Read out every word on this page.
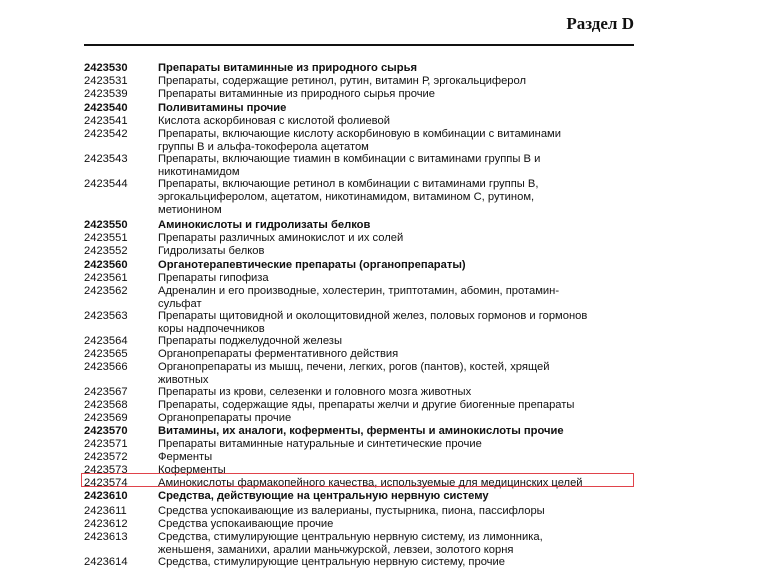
Раздел D
2423530	Препараты витаминные из природного сырья
2423531	Препараты, содержащие ретинол, рутин, витамин Р, эргокальциферол
2423539	Препараты витаминные из природного сырья прочие
2423540	Поливитамины прочие
2423541	Кислота аскорбиновая с кислотой фолиевой
2423542	Препараты, включающие кислоту аскорбиновую в комбинации с витаминами
группы В и альфа-токоферола ацетатом
2423543	Препараты, включающие тиамин в комбинации с витаминами группы В и
никотинамидом
2423544	Препараты, включающие ретинол в комбинации с витаминами группы В,
эргокальциферолом, ацетатом, никотинамидом, витамином С, рутином,
метионином
2423550	Аминокислоты и гидролизаты белков
2423551	Препараты различных аминокислот и их солей
2423552	Гидролизаты белков
2423560	Органотерапевтические препараты (органопрепараты)
2423561	Препараты гипофиза
2423562	Адреналин и его производные, холестерин, триптотамин, абомин, протамин-
сульфат
2423563	Препараты щитовидной и околощитовидной желез, половых гормонов и гормонов
коры надпочечников
2423564	Препараты поджелудочной железы
2423565	Органопрепараты ферментативного действия
2423566	Органопрепараты из мышц, печени, легких, рогов (пантов), костей, хрящей
животных
2423567	Препараты из крови, селезенки и головного мозга животных
2423568	Препараты, содержащие яды, препараты желчи и другие биогенные препараты
2423569	Органопрепараты прочие
2423570	Витамины, их аналоги, коферменты, ферменты и аминокислоты прочие
2423571	Препараты витаминные натуральные и синтетические прочие
2423572	Ферменты
2423573	Коферменты
2423574	Аминокислоты фармакопейного качества, используемые для медицинских целей
2423610	Средства, действующие на центральную нервную систему
2423611	Средства успокаивающие из валерианы, пустырника, пиона, пассифлоры
2423612	Средства успокаивающие прочие
2423613	Средства, стимулирующие центральную нервную систему, из лимонника,
женьшеня, заманихи, аралии маньчжурской, левзеи, золотого корня
2423614	Средства, стимулирующие центральную нервную систему, прочие
